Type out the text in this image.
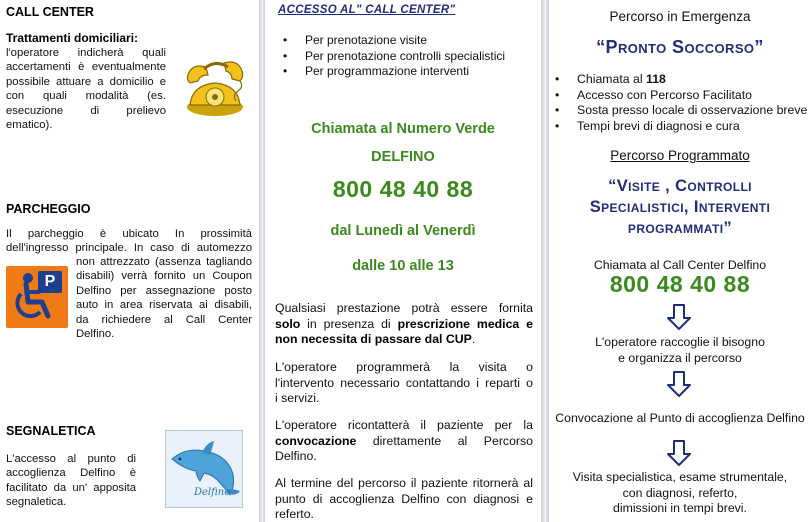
CALL CENTER
Trattamenti domiciliari:
l'operatore indicherà quali
accertamenti è eventualmente
possibile attuare a domicilio e
con quali modalità (es.
esecuzione di prelievo ematico).
PARCHEGGIO
Il parcheggio è ubicato In prossimità
dell'ingresso principale. In caso di automezzo
P
non attrezzato (assenza tagliando
disabili) verrà fornito un Coupon
Delfino per assegnazione posto
auto in area riservata ai disabili,
da richiedere al Call Center
Delfino.
SEGNALETICA
L'accesso al punto di
accoglienza Delfino è
facilitato da un' apposita
segnaletica.
Delfino
ACCESSO AL" CALL CENTER"
• Per prenotazione visite
• Per prenotazione controlli specialistici
• Per programmazione interventi
Chiamata al Numero Verde
DELFINO
800 48 40 88
dal Lunedì al Venerdì
dalle 10 alle 13
Qualsiasi prestazione potrà essere fornita
solo in presenza di prescrizione medica e
non necessita di passare dal CUP.
L'operatore programmerà la visita o
l'intervento necessario contattando i reparti o
i servizi.
L'operatore ricontatterà il paziente per la
convocazione direttamente al Percorso
Delfino.
Al termine del percorso il paziente ritornerà al
punto di accoglienza Delfino con diagnosi e
referto.
Percorso in Emergenza
“Pronto Soccorso”
• Chiamata al 118
• Accesso con Percorso Facilitato
• Sosta presso locale di osservazione breve
• Tempi brevi di diagnosi e cura
Percorso Programmato
“Visite , Controlli
Specialistici, Interventi
programmati”
Chiamata al Call Center Delfino
800 48 40 88
L'operatore raccoglie il bisogno
e organizza il percorso
Convocazione al Punto di accoglienza Delfino
Visita specialistica, esame strumentale,
con diagnosi, referto,
dimissioni in tempi brevi.
